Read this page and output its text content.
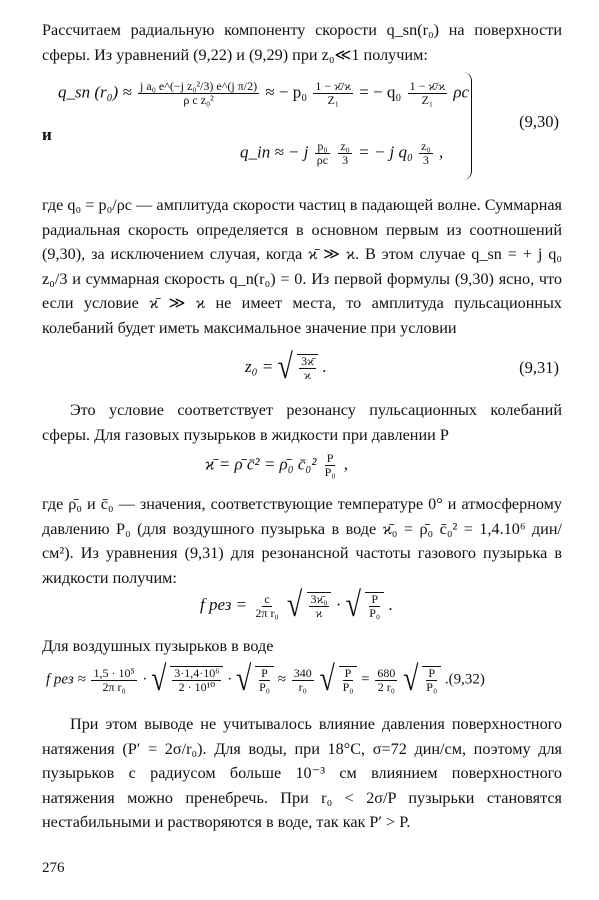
Рассчитаем радиальную компоненту скорости q_sn(r₀) на поверхности сферы. Из уравнений (9,22) и (9,29) при z₀≪1 получим:

q_sn $(r_0) \approx \frac{\text{j a₀ e\textasciicircum{}(−j z₀²/3) e\textasciicircum{}(j π/2)}}{\text{ρ c z₀²}}$ ≈ − $p_0 \frac{1 - ϰ̄/ϰ}{\text{Z₁}}$ = − $q_0 \frac{1 - ϰ̄/ϰ}{\text{Z₁}}$ ρc
и
q_in ≈ − j $\frac{\text{p₀}}{\rho c}$
$\frac{\text{z₀}}{3}$ = − j $q_0 \frac{\text{z₀}}{3}$ ,
(9,30)

где q₀ = p₀/ρc — амплитуда скорости частиц в падающей волне. Суммарная радиальная скорость определяется в основном первым из соотношений (9,30), за исключением случая, когда ϰ̄ ≫ ϰ. В этом случае q_sn = + j q₀ z₀/3 и суммарная скорость q_n(r₀) = 0. Из первой формулы (9,30) ясно, что если условие ϰ̄ ≫ ϰ не имеет места, то амплитуда пульсационных колебаний будет иметь максимальное значение при условии

z₀ = √ $\frac{3ϰ̄}{ϰ}$ .	(9,31)

Это условие соответствует резонансу пульсационных колебаний сферы. Для газовых пузырьков в жидкости при давлении P

ϰ̄ = ρ̄ c̄² = ρ̄₀ c̄₀² $\frac{P}{\text{P₀}}$ ,

где ρ̄₀ и c̄₀ — значения, соответствующие температуре 0° и атмосферному давлению P₀ (для воздушного пузырька в воде ϰ̄₀ = ρ̄₀ c̄₀² = 1,4.10⁶ дин/см²). Из уравнения (9,31) для резонансной частоты газового пузырька в жидкости получим:

f рез = $\frac{c}{\text{2π r₀}}$ √ $\frac{\text{3ϰ̄₀}}{ϰ}$ · √ $\frac{P}{\text{P₀}}$ .

Для воздушных пузырьков в воде

f рез ≈ $\frac{\text{1,5 · 10⁵}}{\text{2π r₀}}$ · √ $\frac{\text{3·1,4·10⁶}}{\text{2 · 10¹⁰}}$ · √ $\frac{P}{\text{P₀}} \approx \frac{340}{\text{r₀}}$ √ $\frac{P}{\text{P₀}} = \frac{680}{\text{2 r₀}}$ √ $\frac{P}{\text{P₀}} .(9,32)$

При этом выводе не учитывалось влияние давления поверхностного натяжения (P′ = 2σ/r₀). Для воды, при 18°С, σ=72 дин/см, поэтому для пузырьков с радиусом больше 10⁻³ см влиянием поверхностного натяжения можно пренебречь. При r₀ < 2σ/P пузырьки становятся нестабильными и растворяются в воде, так как P′ > P.

276
